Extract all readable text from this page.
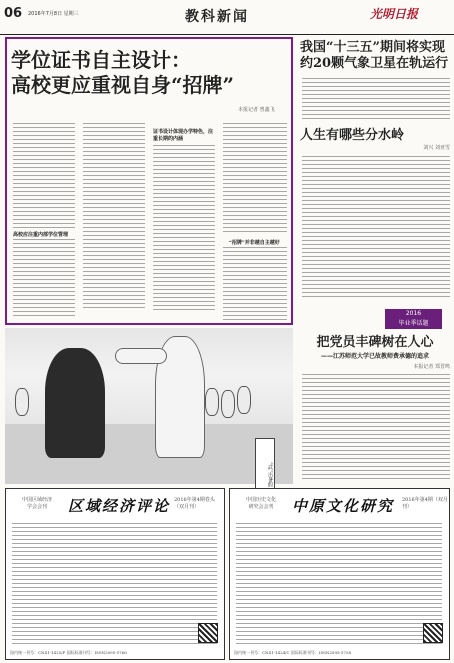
06 2016年7月8日 星期三	教科新闻	光明日报
学位证书自主设计：
高校更应重视自身“招牌”
本报记者 曾鑫飞
高校应注重内部学位管理
证书设计体现办学特色，注重长期的内涵
“招牌”并非越自主越好
“武”出暑假
我国“十三五”期间将实现
约20颗气象卫星在轨运行
人生有哪些分水岭
刘兴 刘亚雪
2016
毕业季话题
把党员丰碑树在人心
——江苏师范大学已故教师费承德的追求
本报记者 郑晋鸣
中国区域经济
学会会刊	区域经济评论 2016年第4期卷头（双月刊）
国内统一刊号：CN41-1425/F 国际标准刊号：ISSN2095-5766
中国历史文化
研究会会刊	中原文化研究 2016年第4期（双月刊）
国内统一刊号：CN41-1424/C 国际标准刊号：ISSN2095-5758
